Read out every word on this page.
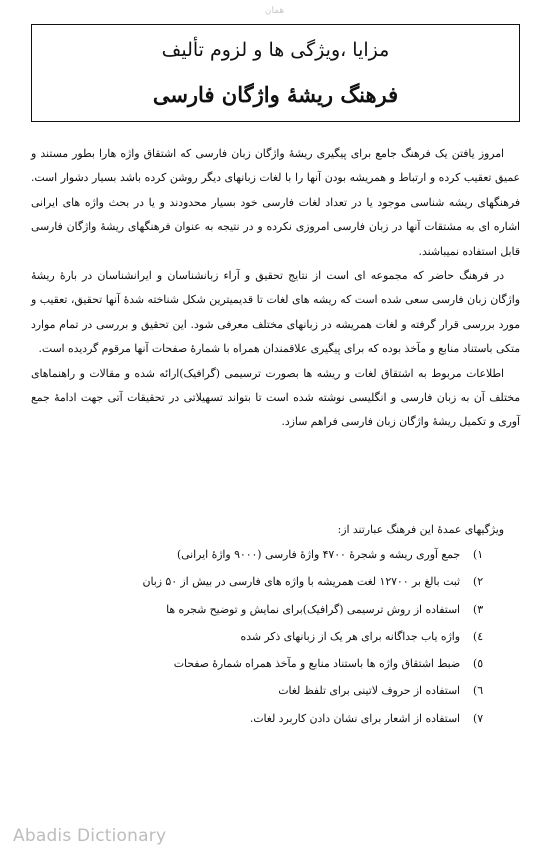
همان
مزایا ،ویژگی ها و لزوم تألیف
فرهنگ ریشهٔ واژگان فارسی

امروز یافتن یک فرهنگ جامع برای پیگیری ریشهٔ واژگان زبان فارسی که اشتقاق واژه هارا بطور مستند و عمیق تعقیب کرده و ارتباط و همریشه بودن آنها را با لغات زبانهای دیگر روشن کرده باشد بسیار دشوار است. فرهنگهای ریشه شناسی موجود یا در تعداد لغات فارسی خود بسیار محدودند و یا در بحث واژه های ایرانی اشاره ای به مشتقات آنها در زبان فارسی امروزی نکرده و در نتیجه به عنوان فرهنگهای ریشهٔ واژگان فارسی قابل استفاده نمیباشند.

در فرهنگ حاضر که مجموعه ای است از نتایج تحقیق و آراء زبانشناسان و ایرانشناسان در بارهٔ ریشهٔ واژگان زبان فارسی سعی شده است که ریشه های لغات تا قدیمیترین شکل شناخته شدهٔ آنها تحقیق، تعقیب و مورد بررسی قرار گرفته و لغات همریشه در زبانهای مختلف معرفی شود. این تحقیق و بررسی در تمام موارد متکی باستناد منابع و مآخذ بوده که برای پیگیری علاقمندان همراه با شمارهٔ صفحات آنها مرقوم گردیده است.

اطلاعات مربوط به اشتقاق لغات و ریشه ها بصورت ترسیمی (گرافیک)ارائه شده و مقالات و راهنماهای مختلف آن به زبان فارسی و انگلیسی نوشته شده است تا بتواند تسهیلاتی در تحقیقات آتی جهت ادامهٔ جمع آوری و تکمیل ریشهٔ واژگان زبان فارسی فراهم سازد.

ویژگیهای عمدهٔ این فرهنگ عبارتند از:
۱)جمع آوری ریشه و شجرهٔ ۴۷۰۰ واژهٔ فارسی (۹۰۰۰ واژهٔ ایرانی)
۲)ثبت بالغ بر ۱۲۷۰۰ لغت همریشه با واژه های فارسی در بیش از ۵۰ زبان
۳)استفاده از روش ترسیمی (گرافیک)برای نمایش و توضیح شجره ها
٤)واژه یاب جداگانه برای هر یک از زبانهای ذکر شده
٥)ضبط اشتقاق واژه ها باستناد منابع و مآخذ همراه شمارهٔ صفحات
٦)استفاده از حروف لاتینی برای تلفظ لغات
۷)استفاده از اشعار برای نشان دادن کاربرد لغات.
Abadis Dictionary
